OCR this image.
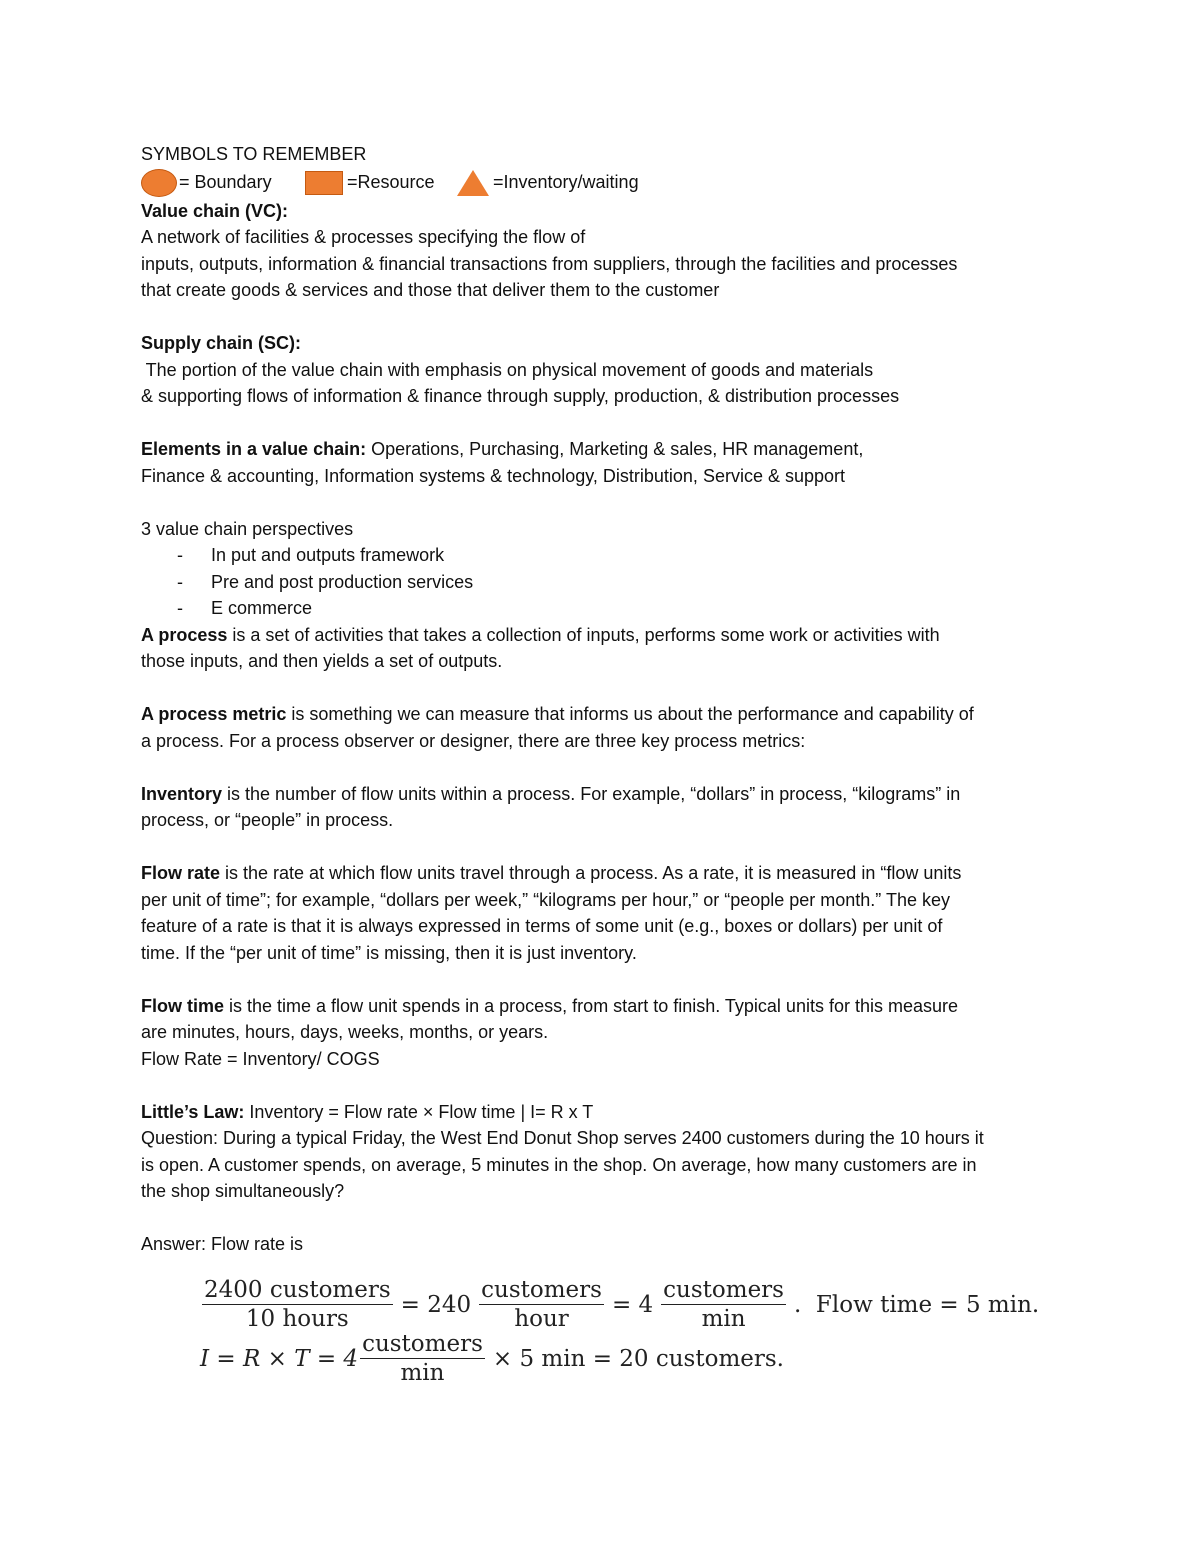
SYMBOLS TO REMEMBER

= Boundary	=Resource	=Inventory/waiting

Value chain (VC):

A network of facilities & processes specifying the flow of

inputs, outputs, information & financial transactions from suppliers, through the facilities and processes

that create goods & services and those that deliver them to the customer

Supply chain (SC):

The portion of the value chain with emphasis on physical movement of goods and materials

& supporting flows of information & finance through supply, production, & distribution processes

Elements in a value chain: Operations, Purchasing, Marketing & sales, HR management,

Finance & accounting, Information systems & technology, Distribution, Service & support

3 value chain perspectives

- In put and outputs framework
- Pre and post production services
- E commerce

A process is a set of activities that takes a collection of inputs, performs some work or activities with

those inputs, and then yields a set of outputs.

A process metric is something we can measure that informs us about the performance and capability of

a process. For a process observer or designer, there are three key process metrics:

Inventory is the number of flow units within a process. For example, “dollars” in process, “kilograms” in

process, or “people” in process.

Flow rate is the rate at which flow units travel through a process. As a rate, it is measured in “flow units

per unit of time”; for example, “dollars per week,” “kilograms per hour,” or “people per month.” The key

feature of a rate is that it is always expressed in terms of some unit (e.g., boxes or dollars) per unit of

time. If the “per unit of time” is missing, then it is just inventory.

Flow time is the time a flow unit spends in a process, from start to finish. Typical units for this measure

are minutes, hours, days, weeks, months, or years.

Flow Rate = Inventory/ COGS

Little’s Law: Inventory = Flow rate × Flow time | I= R x T

Question: During a typical Friday, the West End Donut Shop serves 2400 customers during the 10 hours it

is open. A customer spends, on average, 5 minutes in the shop. On average, how many customers are in

the shop simultaneously?

Answer: Flow rate is

$\frac{\text{2400 customers}}{\text{10 hours}} = 240 \frac{\text{customers}}{\text{hour}} = 4 \frac{\text{customers}}{\min}$ .  Flow time = 5 min.
$I = R \times T = 4 \frac{\text{customers}}{\min} \times 5$ min = 20 customers.
